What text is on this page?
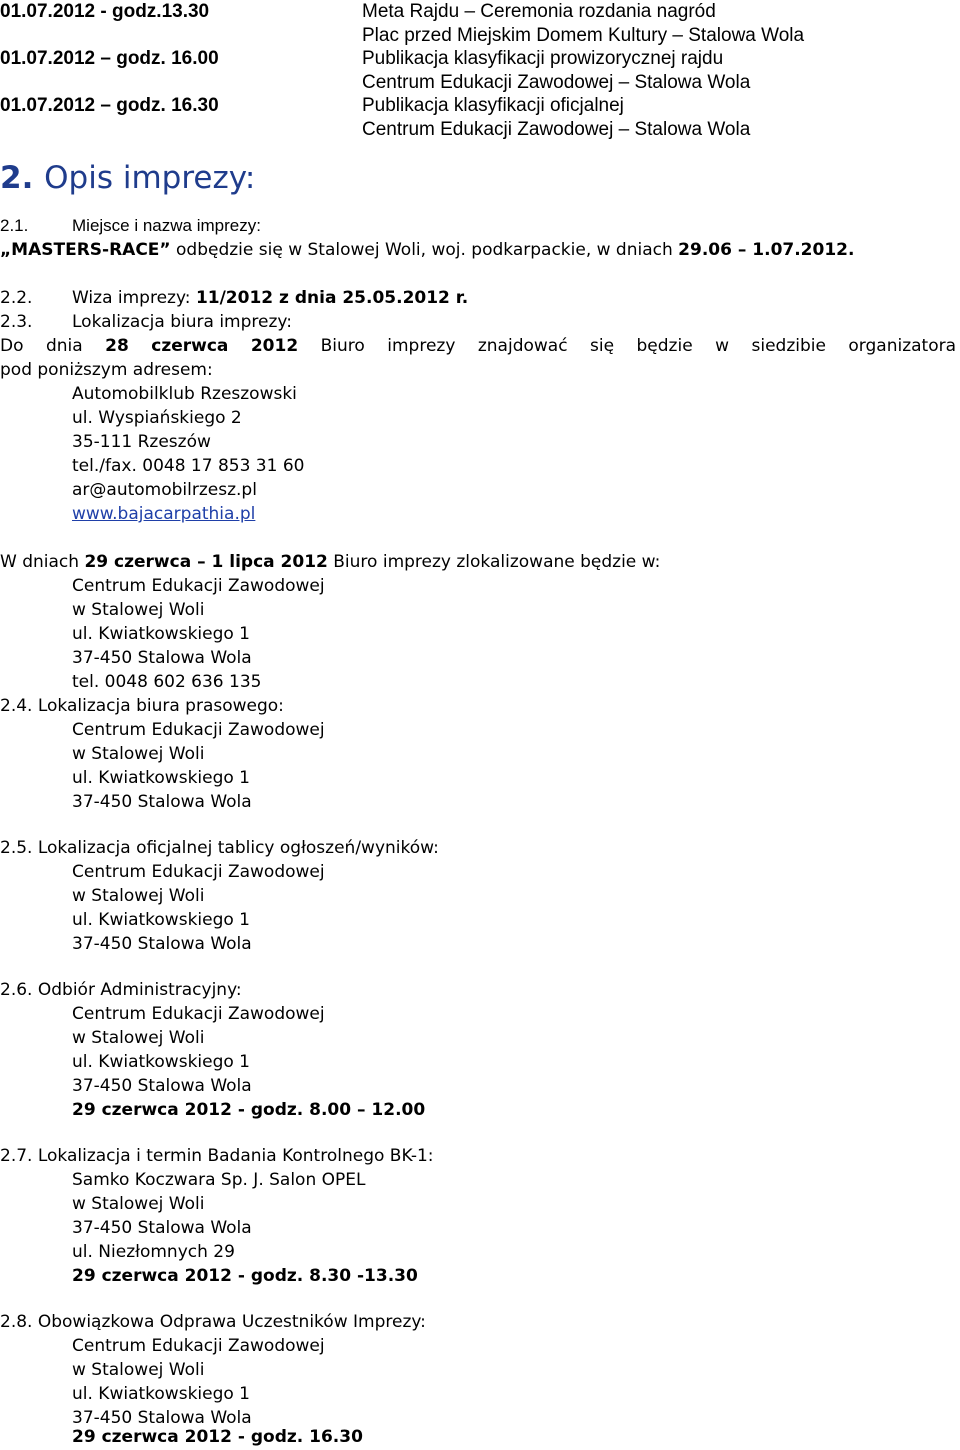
01.07.2012 - godz.13.30	Meta Rajdu – Ceremonia rozdania nagród
Plac przed Miejskim Domem Kultury – Stalowa Wola
01.07.2012 – godz. 16.00	Publikacja klasyfikacji prowizorycznej rajdu
Centrum Edukacji Zawodowej – Stalowa Wola
01.07.2012 – godz. 16.30	Publikacja klasyfikacji oficjalnej
Centrum Edukacji Zawodowej – Stalowa Wola
2. Opis imprezy:
2.1.	Miejsce i nazwa imprezy:
„MASTERS-RACE” odbędzie się w Stalowej Woli, woj. podkarpackie, w dniach 29.06 – 1.07.2012.
2.2. Wiza imprezy: 11/2012 z dnia 25.05.2012 r.
2.3. Lokalizacja biura imprezy:
Do dnia 28 czerwca 2012 Biuro imprezy znajdować się będzie w siedzibie organizatora
pod poniższym adresem:
Automobilklub Rzeszowski
ul. Wyspiańskiego 2
35-111 Rzeszów
tel./fax. 0048 17 853 31 60
ar@automobilrzesz.pl
www.bajacarpathia.pl
W dniach 29 czerwca – 1 lipca 2012 Biuro imprezy zlokalizowane będzie w:
Centrum Edukacji Zawodowej
w Stalowej Woli
ul. Kwiatkowskiego 1
37-450 Stalowa Wola
tel. 0048 602 636 135
2.4. Lokalizacja biura prasowego:
Centrum Edukacji Zawodowej
w Stalowej Woli
ul. Kwiatkowskiego 1
37-450 Stalowa Wola
2.5. Lokalizacja oficjalnej tablicy ogłoszeń/wyników:
Centrum Edukacji Zawodowej
w Stalowej Woli
ul. Kwiatkowskiego 1
37-450 Stalowa Wola
2.6. Odbiór Administracyjny:
Centrum Edukacji Zawodowej
w Stalowej Woli
ul. Kwiatkowskiego 1
37-450 Stalowa Wola
29 czerwca 2012 - godz. 8.00 – 12.00
2.7. Lokalizacja i termin Badania Kontrolnego BK-1:
Samko Koczwara Sp. J. Salon OPEL
w Stalowej Woli
37-450 Stalowa Wola
ul. Niezłomnych 29
29 czerwca 2012 - godz. 8.30 -13.30
2.8. Obowiązkowa Odprawa Uczestników Imprezy:
Centrum Edukacji Zawodowej
w Stalowej Woli
ul. Kwiatkowskiego 1
37-450 Stalowa Wola
29 czerwca 2012 - godz. 16.30
